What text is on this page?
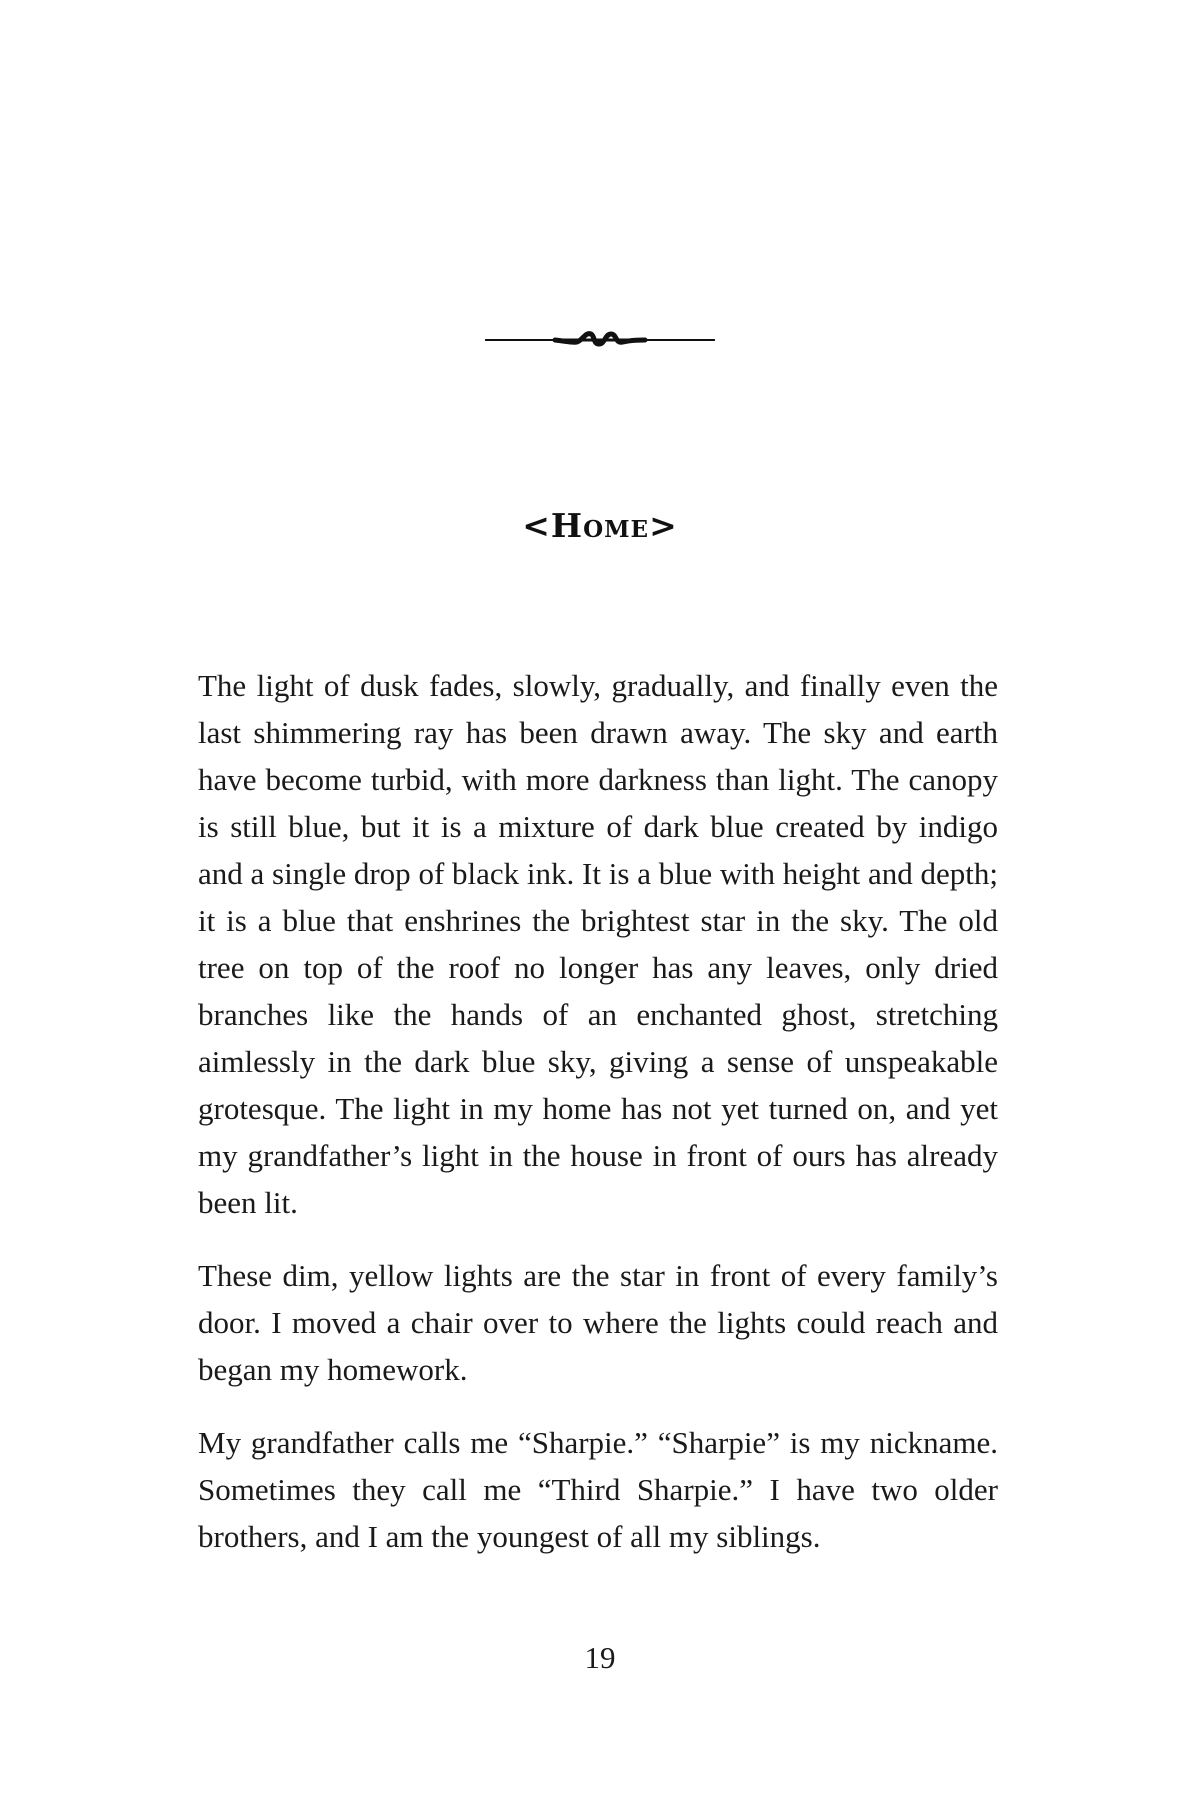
<Home>

The light of dusk fades, slowly, gradually, and finally even the last shimmering ray has been drawn away. The sky and earth have become turbid, with more darkness than light. The canopy is still blue, but it is a mixture of dark blue created by indigo and a single drop of black ink. It is a blue with height and depth; it is a blue that enshrines the brightest star in the sky. The old tree on top of the roof no longer has any leaves, only dried branches like the hands of an enchanted ghost, stretching aimlessly in the dark blue sky, giving a sense of unspeakable grotesque. The light in my home has not yet turned on, and yet my grandfather’s light in the house in front of ours has already been lit.

These dim, yellow lights are the star in front of every family’s door. I moved a chair over to where the lights could reach and began my homework.

My grandfather calls me “Sharpie.” “Sharpie” is my nickname. Sometimes they call me “Third Sharpie.” I have two older brothers, and I am the youngest of all my siblings.

19
